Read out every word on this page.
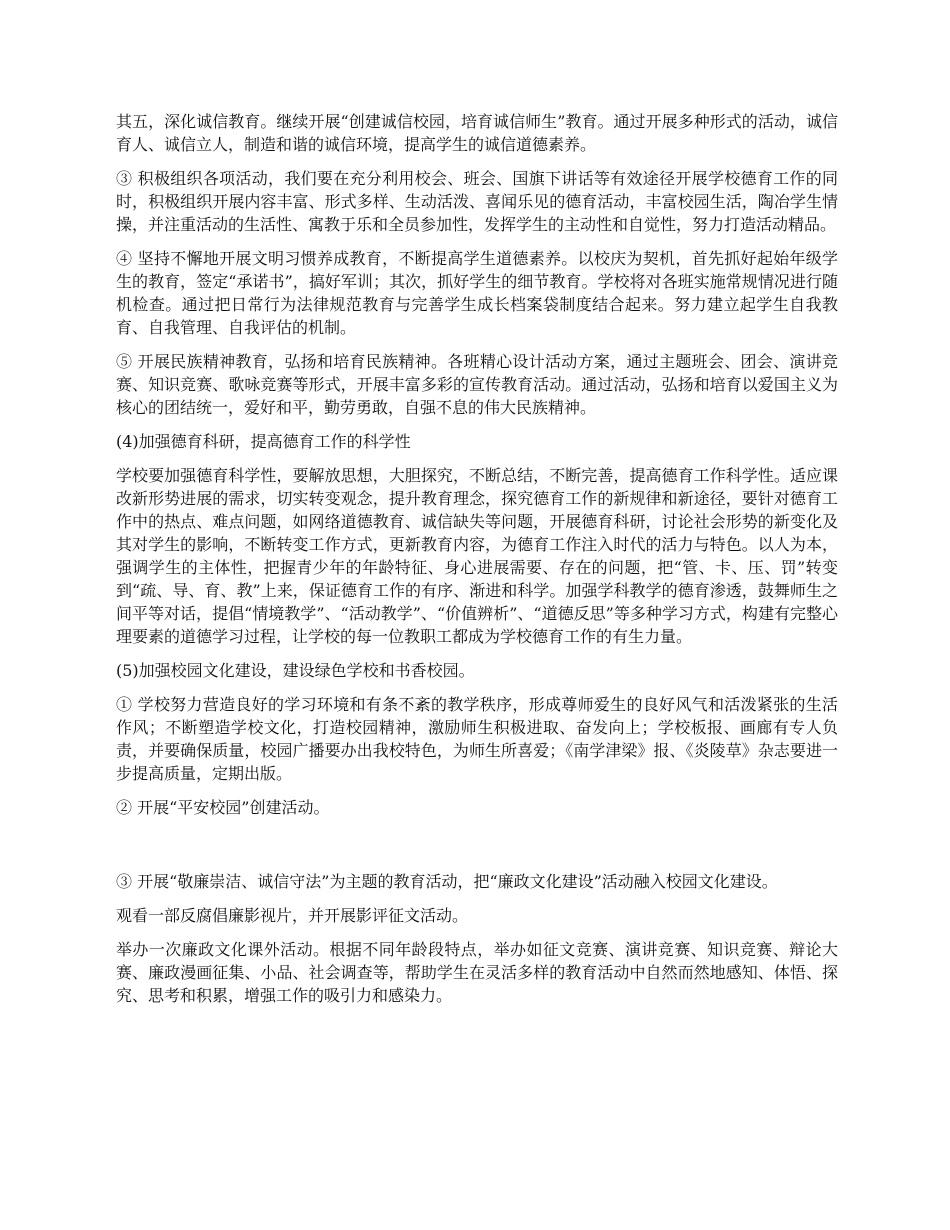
其五，深化诚信教育。继续开展“创建诚信校园，培育诚信师生”教育。通过开展多种形式的活动，诚信育人、诚信立人，制造和谐的诚信环境，提高学生的诚信道德素养。

③ 积极组织各项活动，我们要在充分利用校会、班会、国旗下讲话等有效途径开展学校德育工作的同时，积极组织开展内容丰富、形式多样、生动活泼、喜闻乐见的德育活动，丰富校园生活，陶冶学生情操，并注重活动的生活性、寓教于乐和全员参加性，发挥学生的主动性和自觉性，努力打造活动精品。

④ 坚持不懈地开展文明习惯养成教育，不断提高学生道德素养。以校庆为契机，首先抓好起始年级学生的教育，签定“承诺书”，搞好军训；其次，抓好学生的细节教育。学校将对各班实施常规情况进行随机检查。通过把日常行为法律规范教育与完善学生成长档案袋制度结合起来。努力建立起学生自我教育、自我管理、自我评估的机制。

⑤ 开展民族精神教育，弘扬和培育民族精神。各班精心设计活动方案，通过主题班会、团会、演讲竞赛、知识竞赛、歌咏竞赛等形式，开展丰富多彩的宣传教育活动。通过活动，弘扬和培育以爱国主义为核心的团结统一，爱好和平，勤劳勇敢，自强不息的伟大民族精神。

(4)加强德育科研，提高德育工作的科学性

学校要加强德育科学性，要解放思想，大胆探究，不断总结，不断完善，提高德育工作科学性。适应课改新形势进展的需求，切实转变观念，提升教育理念，探究德育工作的新规律和新途径，要针对德育工作中的热点、难点问题，如网络道德教育、诚信缺失等问题，开展德育科研，讨论社会形势的新变化及其对学生的影响，不断转变工作方式，更新教育内容，为德育工作注入时代的活力与特色。以人为本，强调学生的主体性，把握青少年的年龄特征、身心进展需要、存在的问题，把“管、卡、压、罚”转变到“疏、导、育、教”上来，保证德育工作的有序、渐进和科学。加强学科教学的德育渗透，鼓舞师生之间平等对话，提倡“情境教学”、“活动教学”、“价值辨析”、“道德反思”等多种学习方式，构建有完整心理要素的道德学习过程，让学校的每一位教职工都成为学校德育工作的有生力量。

(5)加强校园文化建设，建设绿色学校和书香校园。

① 学校努力营造良好的学习环境和有条不紊的教学秩序，形成尊师爱生的良好风气和活泼紧张的生活作风；不断塑造学校文化，打造校园精神，激励师生积极进取、奋发向上；学校板报、画廊有专人负责，并要确保质量，校园广播要办出我校特色，为师生所喜爱；《南学津梁》报、《炎陵草》杂志要进一步提高质量，定期出版。

② 开展“平安校园”创建活动。

③ 开展“敬廉崇洁、诚信守法”为主题的教育活动，把“廉政文化建设”活动融入校园文化建设。

观看一部反腐倡廉影视片，并开展影评征文活动。

举办一次廉政文化课外活动。根据不同年龄段特点，举办如征文竞赛、演讲竞赛、知识竞赛、辩论大赛、廉政漫画征集、小品、社会调查等，帮助学生在灵活多样的教育活动中自然而然地感知、体悟、探究、思考和积累，增强工作的吸引力和感染力。
